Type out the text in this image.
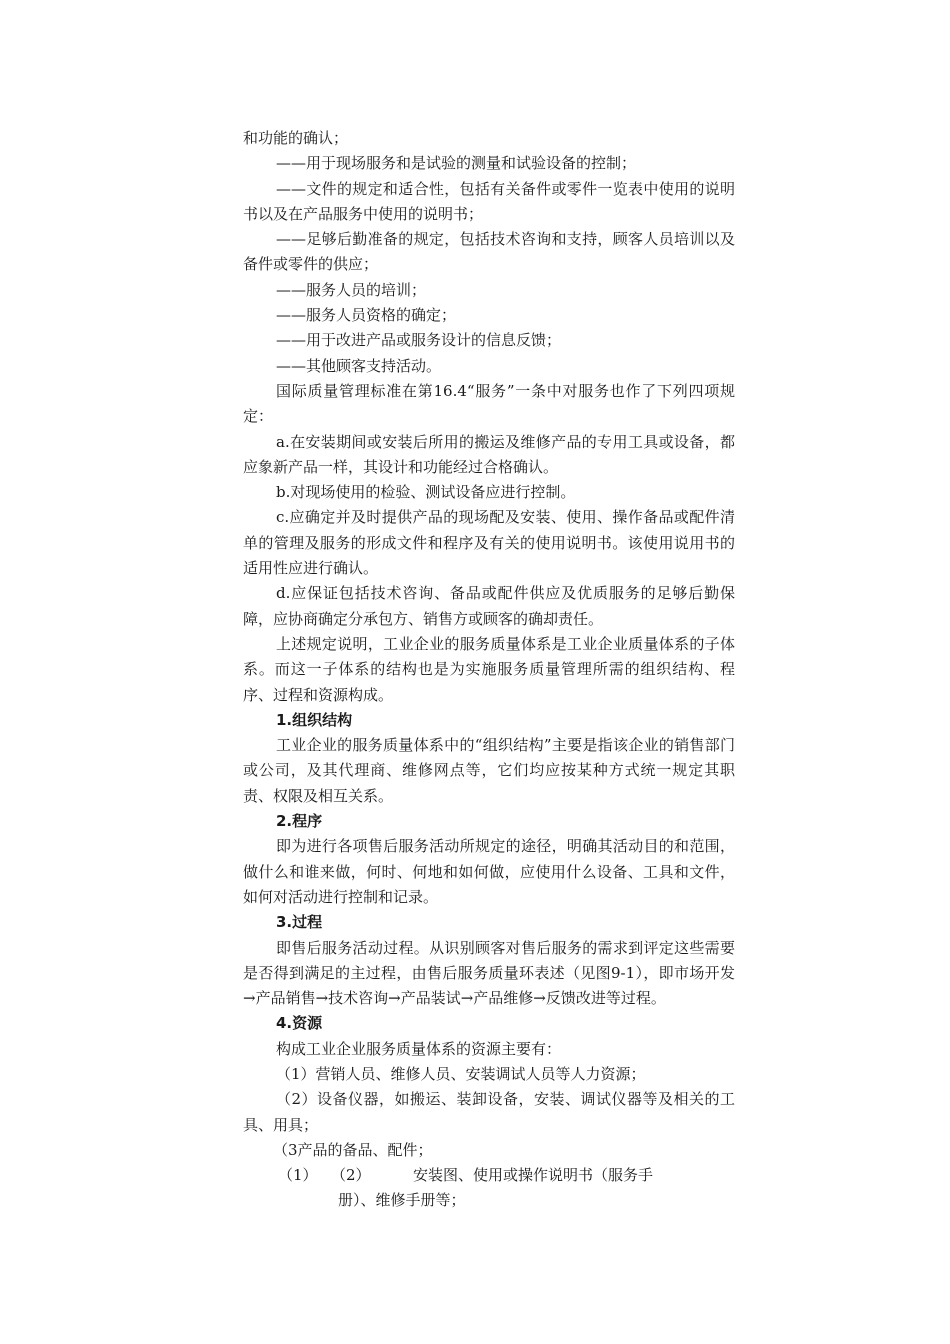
和功能的确认；

——用于现场服务和是试验的测量和试验设备的控制；

——文件的规定和适合性，包括有关备件或零件一览表中使用的说明书以及在产品服务中使用的说明书；

——足够后勤准备的规定，包括技术咨询和支持，顾客人员培训以及备件或零件的供应；

——服务人员的培训；

——服务人员资格的确定；

——用于改进产品或服务设计的信息反馈；

——其他顾客支持活动。

国际质量管理标准在第16.4“服务”一条中对服务也作了下列四项规定：

a.在安装期间或安装后所用的搬运及维修产品的专用工具或设备，都应象新产品一样，其设计和功能经过合格确认。

b.对现场使用的检验、测试设备应进行控制。

c.应确定并及时提供产品的现场配及安装、使用、操作备品或配件清单的管理及服务的形成文件和程序及有关的使用说明书。该使用说用书的适用性应进行确认。

d.应保证包括技术咨询、备品或配件供应及优质服务的足够后勤保障，应协商确定分承包方、销售方或顾客的确却责任。

上述规定说明，工业企业的服务质量体系是工业企业质量体系的子体系。而这一子体系的结构也是为实施服务质量管理所需的组织结构、程序、过程和资源构成。

1.组织结构

工业企业的服务质量体系中的“组织结构”主要是指该企业的销售部门或公司，及其代理商、维修网点等，它们均应按某种方式统一规定其职责、权限及相互关系。

2.程序

即为进行各项售后服务活动所规定的途径，明确其活动目的和范围，做什么和谁来做，何时、何地和如何做，应使用什么设备、工具和文件，如何对活动进行控制和记录。

3.过程

即售后服务活动过程。从识别顾客对售后服务的需求到评定这些需要是否得到满足的主过程，由售后服务质量环表述（见图9-1），即市场开发→产品销售→技术咨询→产品装试→产品维修→反馈改进等过程。

4.资源

构成工业企业服务质量体系的资源主要有：

（1）营销人员、维修人员、安装调试人员等人力资源；

（2）设备仪器，如搬运、装卸设备，安装、调试仪器等及相关的工具、用具；

（3产品的备品、配件；

（1） （2）	安装图、使用或操作说明书（服务手

册）、维修手册等；
